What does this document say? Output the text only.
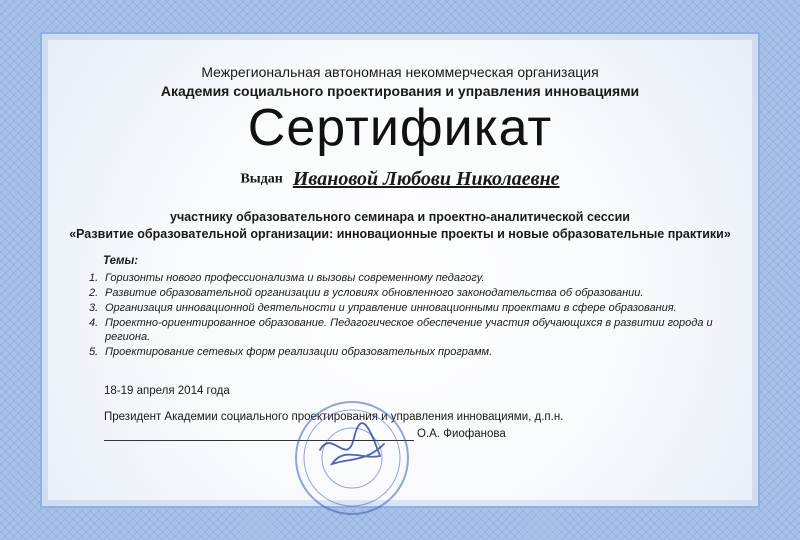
Межрегиональная автономная некоммерческая организация
Академия социального проектирования и управления инновациями
Сертификат
Выдан Ивановой Любови Николаевне
участнику образовательного семинара и проектно-аналитической сессии
«Развитие образовательной организации: инновационные проекты и новые образовательные практики»
Темы:
1. Горизонты нового профессионализма и вызовы современному педагогу.
2. Развитие образовательной организации в условиях обновленного законодательства об образовании.
3. Организация инновационной деятельности и управление инновационными проектами в сфере образования.
4. Проектно-ориентированное образование. Педагогическое обеспечение участия обучающихся в развитии города и региона.
5. Проектирование сетевых форм реализации образовательных программ.
18-19 апреля 2014 года
Президент Академии социального проектирования и управления инновациями, д.п.н.
О.А. Фиофанова
